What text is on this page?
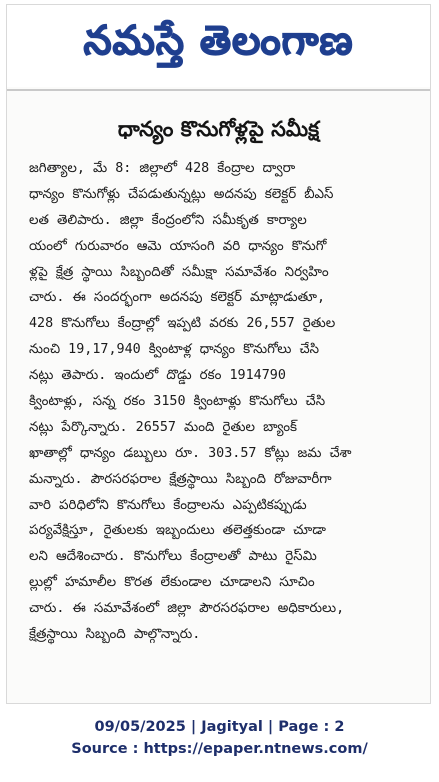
నమస్తే తెలంగాణ
ధాన్యం కొనుగోళ్లపై సమీక్ష
జగిత్యాల, మే 8: జిల్లాలో 428 కేంద్రాల ద్వారా
ధాన్యం కొనుగోళ్లు చేపడుతున్నట్లు అదనపు కలెక్టర్ బీఎస్
లత తెలిపారు. జిల్లా కేంద్రంలోని సమీకృత కార్యాల
యంలో గురువారం ఆమె యాసంగి వరి ధాన్యం కొనుగో
ళ్లపై క్షేత్ర స్థాయి సిబ్బందితో సమీక్షా సమావేశం నిర్వహిం
చారు. ఈ సందర్భంగా అదనపు కలెక్టర్ మాట్లాడుతూ,
428 కొనుగోలు కేంద్రాల్లో ఇప్పటి వరకు 26,557 రైతుల
నుంచి 19,17,940 క్వింటాళ్ల ధాన్యం కొనుగోలు చేసి
నట్లు తెపారు. ఇందులో దొడ్డు రకం 1914790
క్వింటాళ్లు, సన్న రకం 3150 క్వింటాళ్లు కొనుగోలు చేసి
నట్లు పేర్కొన్నారు. 26557 మంది రైతుల బ్యాంక్
ఖాతాల్లో ధాన్యం డబ్బులు రూ. 303.57 కోట్లు జమ చేశా
మన్నారు. పౌరసరఫరాల క్షేత్రస్థాయి సిబ్బంది రోజువారీగా
వారి పరిధిలోని కొనుగోలు కేంద్రాలను ఎప్పటికప్పుడు
పర్యవేక్షిస్తూ, రైతులకు ఇబ్బందులు తలెత్తకుండా చూడా
లని ఆదేశించారు. కొనుగోలు కేంద్రాలతో పాటు రైస్‌మి
ల్లుల్లో హమాలీల కొరత లేకుండాల చూడాలని సూచిం
చారు. ఈ సమావేశంలో జిల్లా పౌరసరఫరాల అధికారులు,
క్షేత్రస్థాయి సిబ్బంది పాల్గొన్నారు.
09/05/2025 | Jagityal | Page : 2
Source : https://epaper.ntnews.com/
